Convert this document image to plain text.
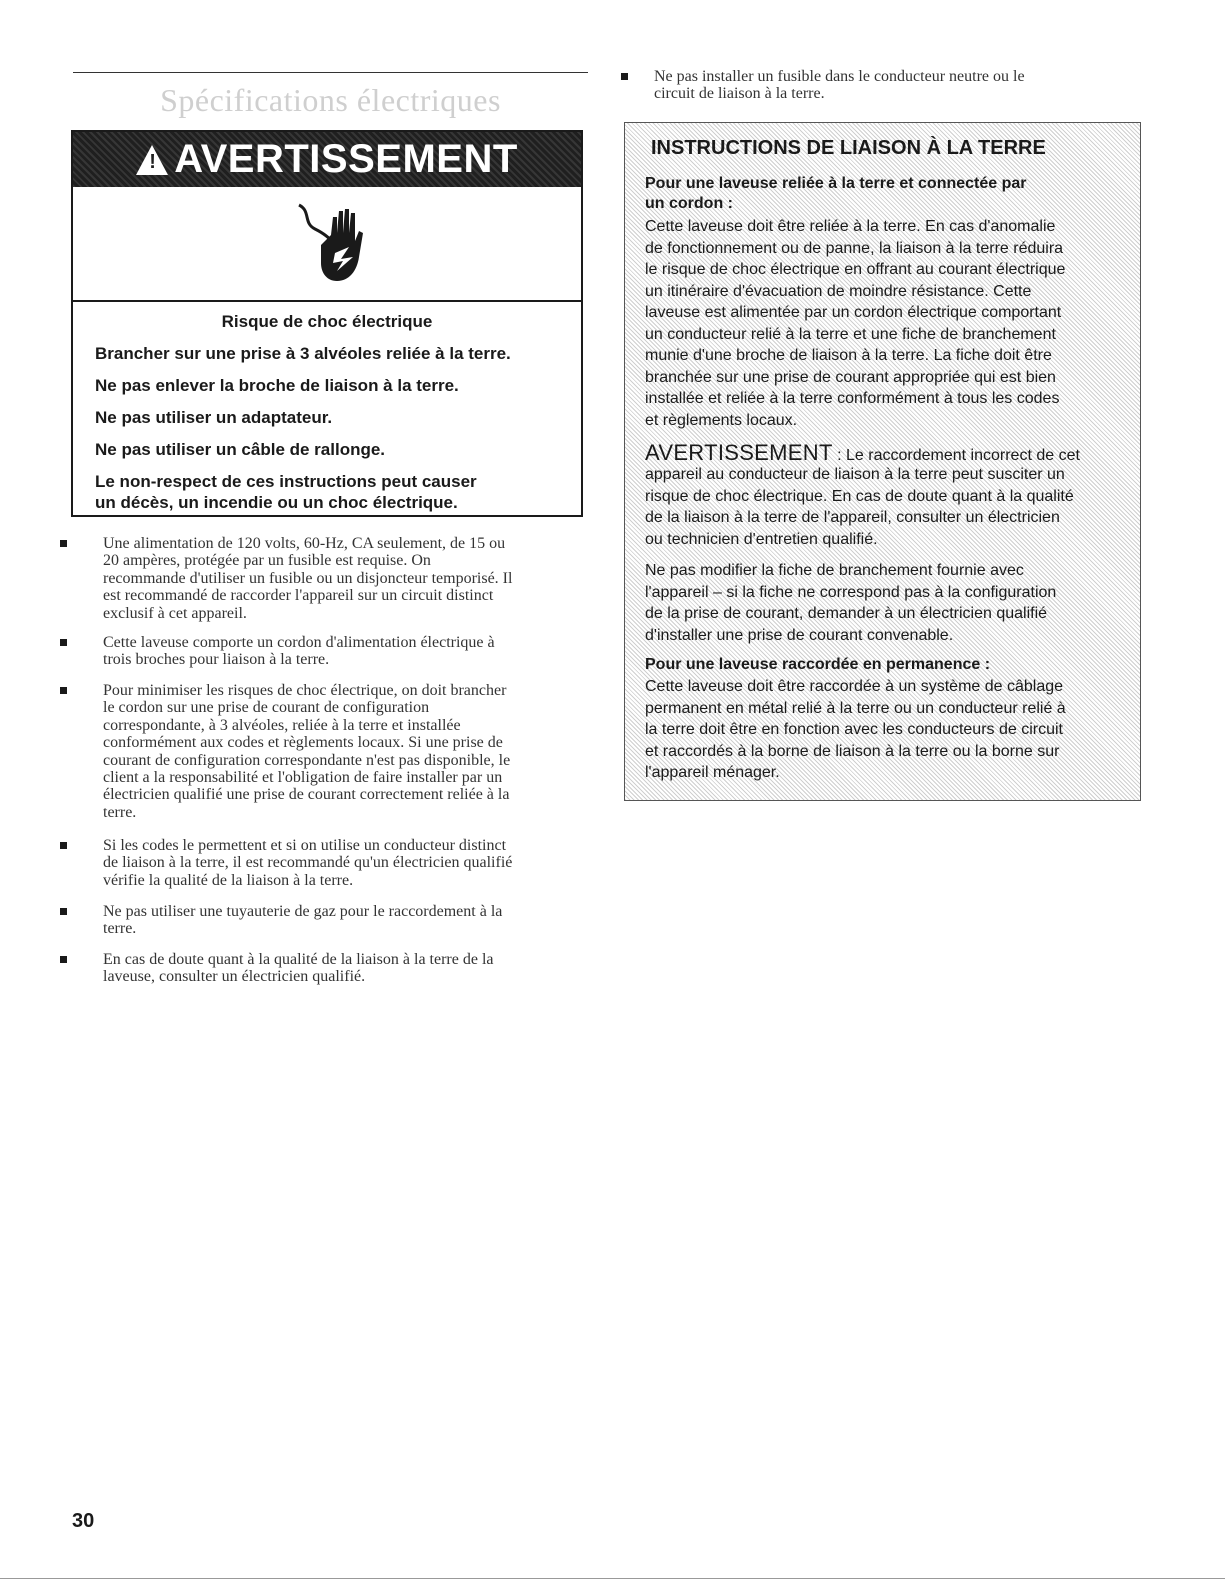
Spécifications électriques
! AVERTISSEMENT
Risque de choc électrique
Brancher sur une prise à 3 alvéoles reliée à la terre.
Ne pas enlever la broche de liaison à la terre.
Ne pas utiliser un adaptateur.
Ne pas utiliser un câble de rallonge.
Le non-respect de ces instructions peut causer
un décès, un incendie ou un choc électrique.
Une alimentation de 120 volts, 60-Hz, CA seulement, de 15 ou
20 ampères, protégée par un fusible est requise. On
recommande d'utiliser un fusible ou un disjoncteur temporisé. Il
est recommandé de raccorder l'appareil sur un circuit distinct
exclusif à cet appareil.
Cette laveuse comporte un cordon d'alimentation électrique à
trois broches pour liaison à la terre.
Pour minimiser les risques de choc électrique, on doit brancher
le cordon sur une prise de courant de configuration
correspondante, à 3 alvéoles, reliée à la terre et installée
conformément aux codes et règlements locaux. Si une prise de
courant de configuration correspondante n'est pas disponible, le
client a la responsabilité et l'obligation de faire installer par un
électricien qualifié une prise de courant correctement reliée à la
terre.
Si les codes le permettent et si on utilise un conducteur distinct
de liaison à la terre, il est recommandé qu'un électricien qualifié
vérifie la qualité de la liaison à la terre.
Ne pas utiliser une tuyauterie de gaz pour le raccordement à la
terre.
En cas de doute quant à la qualité de la liaison à la terre de la
laveuse, consulter un électricien qualifié.
Ne pas installer un fusible dans le conducteur neutre ou le
circuit de liaison à la terre.
INSTRUCTIONS DE LIAISON À LA TERRE
Pour une laveuse reliée à la terre et connectée par
un cordon :
Cette laveuse doit être reliée à la terre. En cas d'anomalie
de fonctionnement ou de panne, la liaison à la terre réduira
le risque de choc électrique en offrant au courant électrique
un itinéraire d'évacuation de moindre résistance. Cette
laveuse est alimentée par un cordon électrique comportant
un conducteur relié à la terre et une fiche de branchement
munie d'une broche de liaison à la terre. La fiche doit être
branchée sur une prise de courant appropriée qui est bien
installée et reliée à la terre conformément à tous les codes
et règlements locaux.
AVERTISSEMENT : Le raccordement incorrect de cet
appareil au conducteur de liaison à la terre peut susciter un
risque de choc électrique. En cas de doute quant à la qualité
de la liaison à la terre de l'appareil, consulter un électricien
ou technicien d'entretien qualifié.
Ne pas modifier la fiche de branchement fournie avec
l'appareil – si la fiche ne correspond pas à la configuration
de la prise de courant, demander à un électricien qualifié
d'installer une prise de courant convenable.
Pour une laveuse raccordée en permanence :
Cette laveuse doit être raccordée à un système de câblage
permanent en métal relié à la terre ou un conducteur relié à
la terre doit être en fonction avec les conducteurs de circuit
et raccordés à la borne de liaison à la terre ou la borne sur
l'appareil ménager.
30
